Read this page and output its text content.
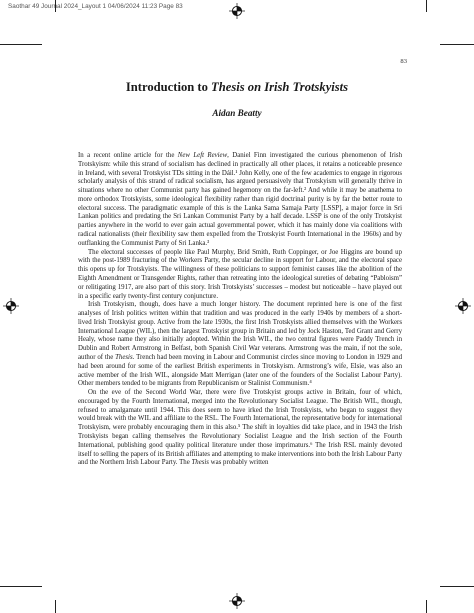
Saothar 49 Journal 2024_Layout 1 04/06/2024 11:23 Page 83
83
Introduction to Thesis on Irish Trotskyists
Aidan Beatty

In a recent online article for the New Left Review, Daniel Finn investigated the curious phenomenon of Irish Trotskyism: while this strand of socialism has declined in practically all other places, it retains a noticeable presence in Ireland, with several Trotskyist TDs sitting in the Dáil.¹ John Kelly, one of the few academics to engage in rigorous scholarly analysis of this strand of radical socialism, has argued persuasively that Trotskyism will generally thrive in situations where no other Communist party has gained hegemony on the far-left.² And while it may be anathema to more orthodox Trotskyists, some ideological flexibility rather than rigid doctrinal purity is by far the better route to electoral success. The paradigmatic example of this is the Lanka Sama Samaja Party [LSSP], a major force in Sri Lankan politics and predating the Sri Lankan Communist Party by a half decade. LSSP is one of the only Trotskyist parties anywhere in the world to ever gain actual governmental power, which it has mainly done via coalitions with radical nationalists (their flexibility saw them expelled from the Trotskyist Fourth International in the 1960s) and by outflanking the Communist Party of Sri Lanka.³

The electoral successes of people like Paul Murphy, Brid Smith, Ruth Coppinger, or Joe Higgins are bound up with the post-1989 fracturing of the Workers Party, the secular decline in support for Labour, and the electoral space this opens up for Trotskyists. The willingness of these politicians to support feminist causes like the abolition of the Eighth Amendment or Transgender Rights, rather than retreating into the ideological sureties of debating “Pabloism” or relitigating 1917, are also part of this story. Irish Trotskyists’ successes – modest but noticeable – have played out in a specific early twenty-first century conjuncture.

Irish Trotskyism, though, does have a much longer history. The document reprinted here is one of the first analyses of Irish politics written within that tradition and was produced in the early 1940s by members of a short-lived Irish Trotskyist group. Active from the late 1930s, the first Irish Trotskyists allied themselves with the Workers International League (WIL), then the largest Trotskyist group in Britain and led by Jock Haston, Ted Grant and Gerry Healy, whose name they also initially adopted. Within the Irish WIL, the two central figures were Paddy Trench in Dublin and Robert Armstrong in Belfast, both Spanish Civil War veterans. Armstrong was the main, if not the sole, author of the Thesis. Trench had been moving in Labour and Communist circles since moving to London in 1929 and had been around for some of the earliest British experiments in Trotskyism. Armstrong’s wife, Elsie, was also an active member of the Irish WIL, alongside Matt Merrigan (later one of the founders of the Socialist Labour Party). Other members tended to be migrants from Republicanism or Stalinist Communism.⁴

On the eve of the Second World War, there were five Trotskyist groups active in Britain, four of which, encouraged by the Fourth International, merged into the Revolutionary Socialist League. The British WIL, though, refused to amalgamate until 1944. This does seem to have irked the Irish Trotskyists, who began to suggest they would break with the WIL and affiliate to the RSL. The Fourth International, the representative body for international Trotskyism, were probably encouraging them in this also.⁵ The shift in loyalties did take place, and in 1943 the Irish Trotskyists began calling themselves the Revolutionary Socialist League and the Irish section of the Fourth International, publishing good quality political literature under those imprimaturs.⁶ The Irish RSL mainly devoted itself to selling the papers of its British affiliates and attempting to make interventions into both the Irish Labour Party and the Northern Irish Labour Party. The Thesis was probably written
